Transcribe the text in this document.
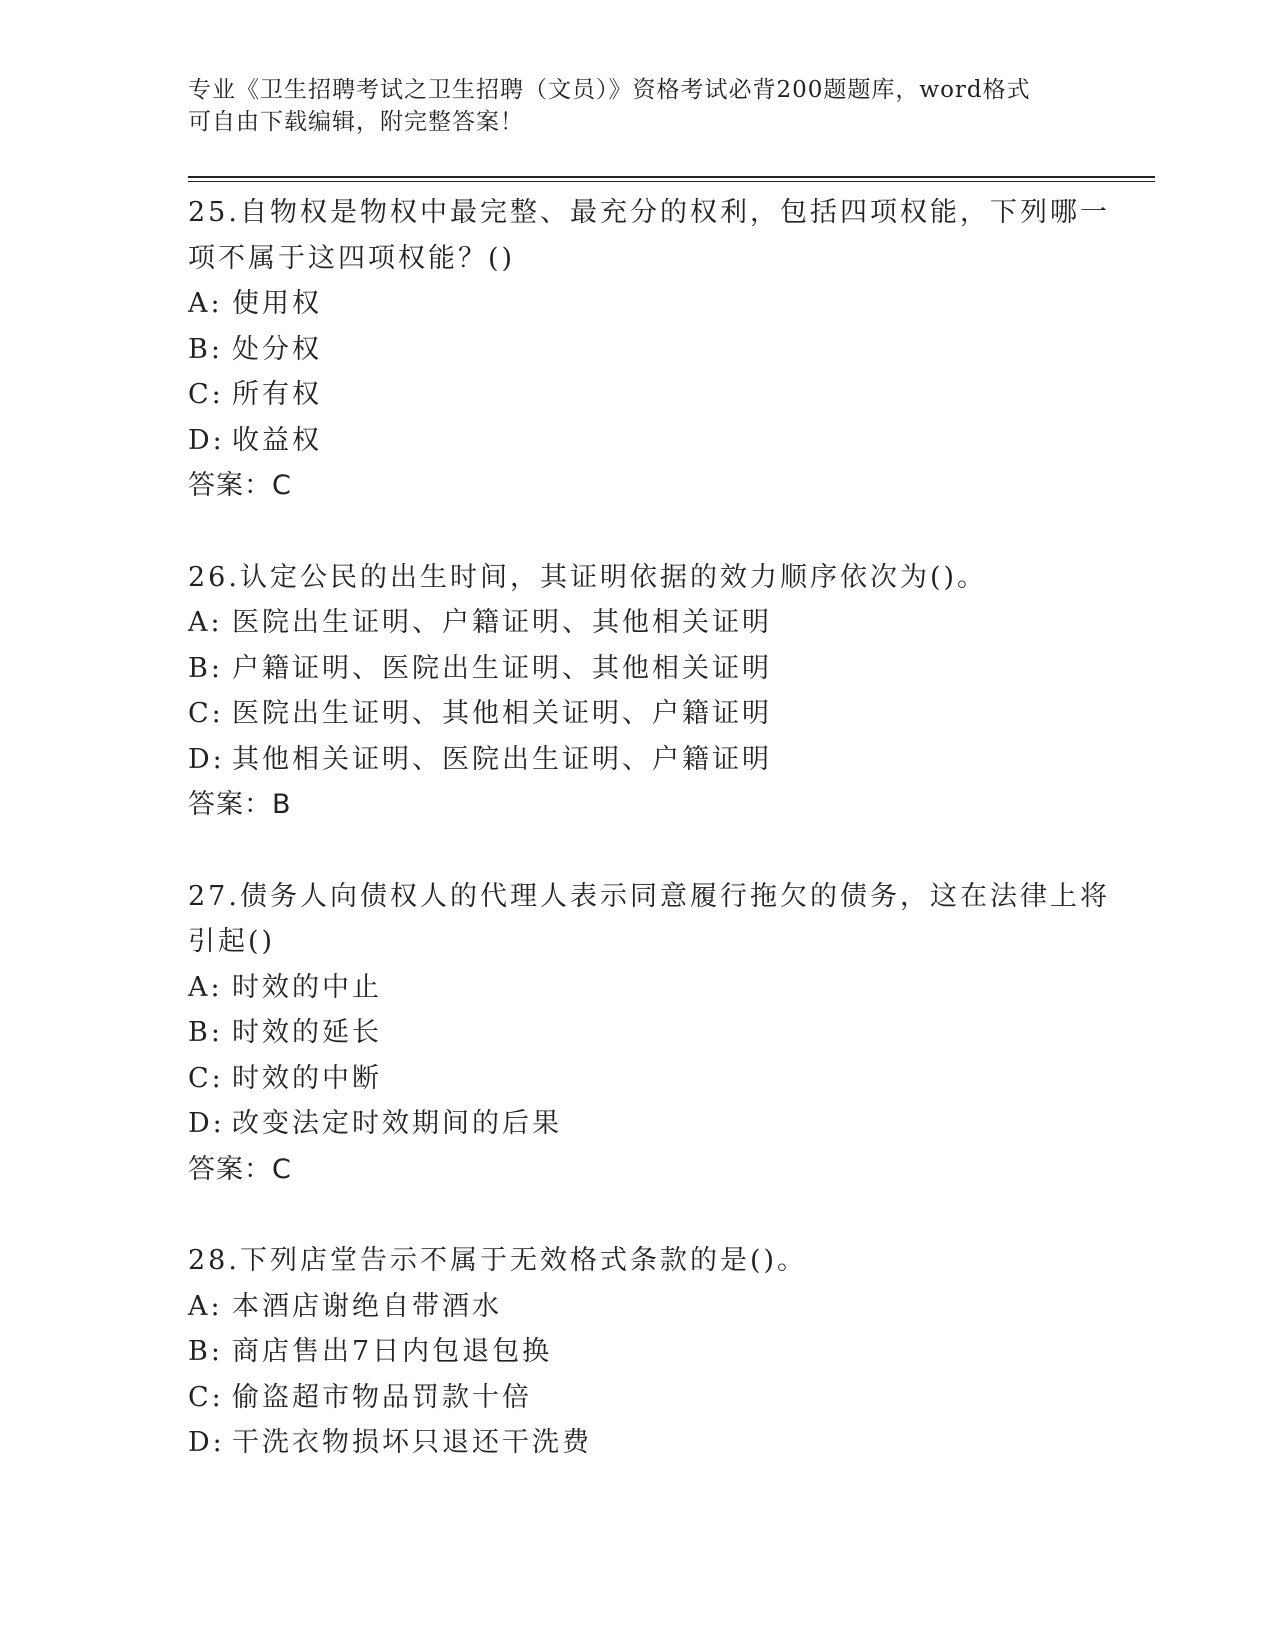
专业《卫生招聘考试之卫生招聘（文员）》资格考试必背200题题库，word格式
可自由下载编辑，附完整答案！
25.自物权是物权中最完整、最充分的权利，包括四项权能，下列哪一
项不属于这四项权能？()
A: 使用权
B: 处分权
C: 所有权
D: 收益权
答案：C
26.认定公民的出生时间，其证明依据的效力顺序依次为()。
A: 医院出生证明、户籍证明、其他相关证明
B: 户籍证明、医院出生证明、其他相关证明
C: 医院出生证明、其他相关证明、户籍证明
D: 其他相关证明、医院出生证明、户籍证明
答案：B
27.债务人向债权人的代理人表示同意履行拖欠的债务，这在法律上将
引起()
A: 时效的中止
B: 时效的延长
C: 时效的中断
D: 改变法定时效期间的后果
答案：C
28.下列店堂告示不属于无效格式条款的是()。
A: 本酒店谢绝自带酒水
B: 商店售出7日内包退包换
C: 偷盗超市物品罚款十倍
D: 干洗衣物损坏只退还干洗费
